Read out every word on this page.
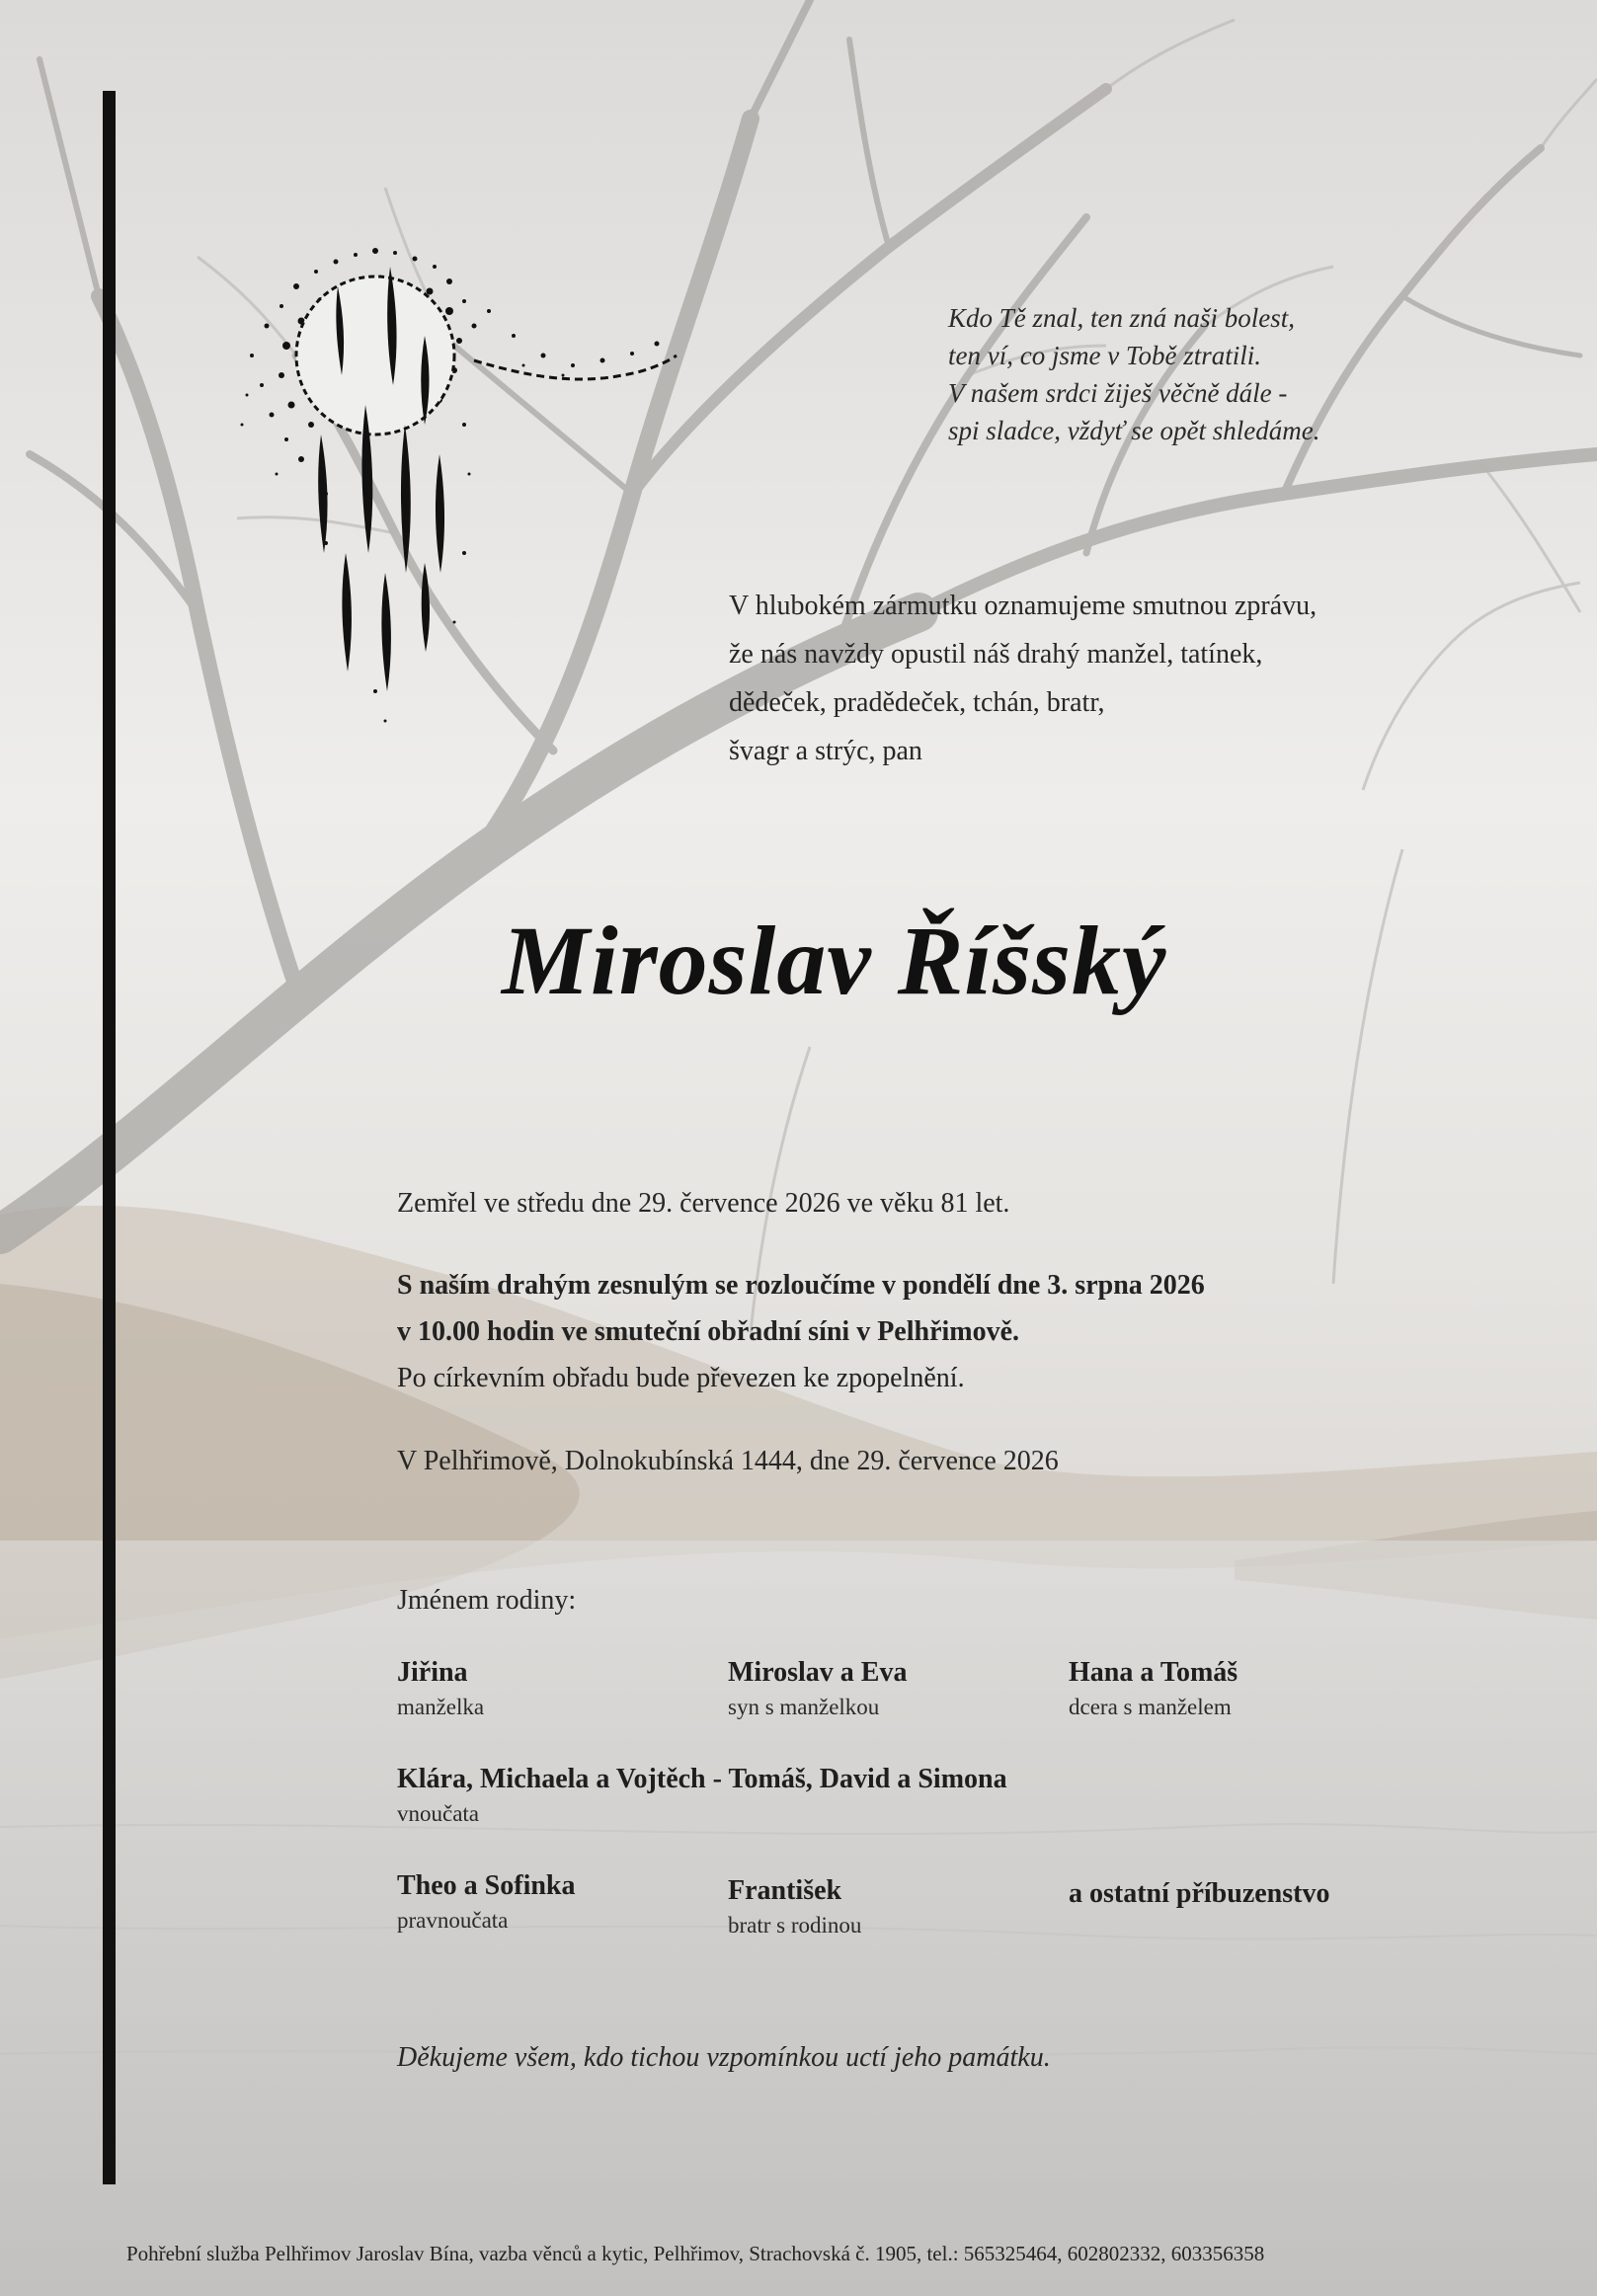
Kdo Tě znal, ten zná naši bolest,
ten ví, co jsme v Tobě ztratili.
V našem srdci žiješ věčně dále -
spi sladce, vždyť se opět shledáme.
V hlubokém zármutku oznamujeme smutnou zprávu,
že nás navždy opustil náš drahý manžel, tatínek,
dědeček, pradědeček, tchán, bratr,
švagr a strýc, pan
Miroslav Říšský
Zemřel ve středu dne 29. července 2026 ve věku 81 let.
S naším drahým zesnulým se rozloučíme v pondělí dne 3. srpna 2026
v 10.00 hodin ve smuteční obřadní síni v Pelhřimově.
Po církevním obřadu bude převezen ke zpopelnění.
V Pelhřimově, Dolnokubínská 1444, dne 29. července 2026
Jménem rodiny:
Jiřina
manželka
Miroslav a Eva
syn s manželkou
Hana a Tomáš
dcera s manželem
Klára, Michaela a Vojtěch - Tomáš, David a Simona
vnoučata
Theo a Sofinka
pravnoučata
František
bratr s rodinou
a ostatní příbuzenstvo
Děkujeme všem, kdo tichou vzpomínkou uctí jeho památku.
Pohřební služba Pelhřimov Jaroslav Bína, vazba věnců a kytic, Pelhřimov, Strachovská č. 1905, tel.: 565325464, 602802332, 603356358
